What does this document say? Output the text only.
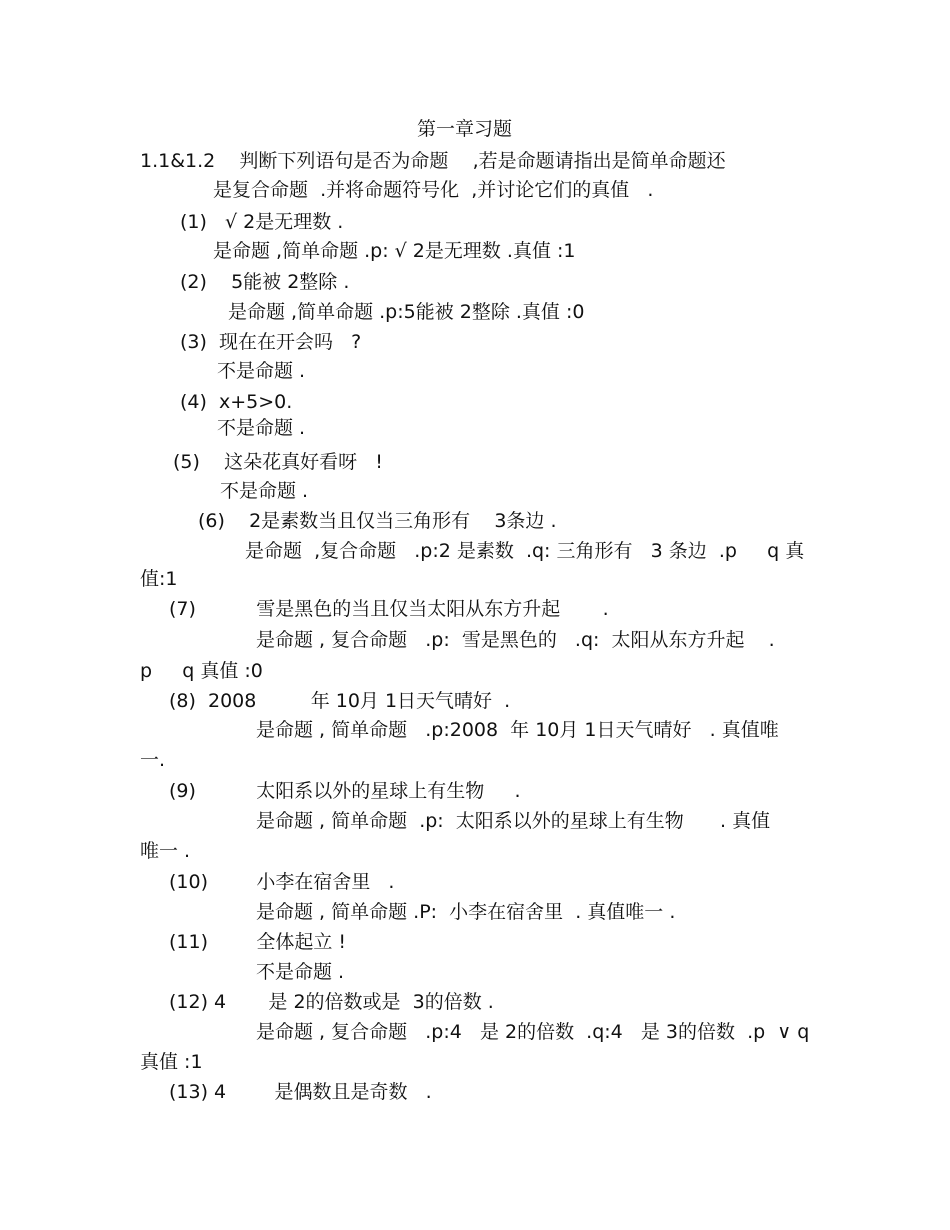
第一章习题
1.1&1.2    判断下列语句是否为命题    ,若是命题请指出是简单命题还
是复合命题  .并将命题符号化  ,并讨论它们的真值   .
(1)   √ 2是无理数 .
是命题 ,简单命题 .p: √ 2是无理数 .真值 :1
(2)    5能被 2整除 .
是命题 ,简单命题 .p:5能被 2整除 .真值 :0
(3)  现在在开会吗   ?
不是命题 .
(4)  x+5>0.
不是命题 .
(5)    这朵花真好看呀   !
不是命题 .
(6)    2是素数当且仅当三角形有    3条边 .
是命题  ,复合命题   .p:2 是素数  .q: 三角形有   3 条边  .p     q 真
值:1
(7)          雪是黑色的当且仅当太阳从东方升起       .
是命题 , 复合命题   .p:  雪是黑色的   .q:  太阳从东方升起    .
p     q 真值 :0
(8)  2008         年 10月 1日天气晴好  .
是命题 , 简单命题   .p:2008  年 10月 1日天气晴好   . 真值唯
一.
(9)          太阳系以外的星球上有生物     .
是命题 , 简单命题  .p:  太阳系以外的星球上有生物      . 真值
唯一 .
(10)        小李在宿舍里   .
是命题 , 简单命题 .P:  小李在宿舍里  . 真值唯一 .
(11)        全体起立 !
不是命题 .
(12) 4       是 2的倍数或是  3的倍数 .
是命题 , 复合命题   .p:4   是 2的倍数  .q:4   是 3的倍数  .p  ∨ q
真值 :1
(13) 4        是偶数且是奇数   .
